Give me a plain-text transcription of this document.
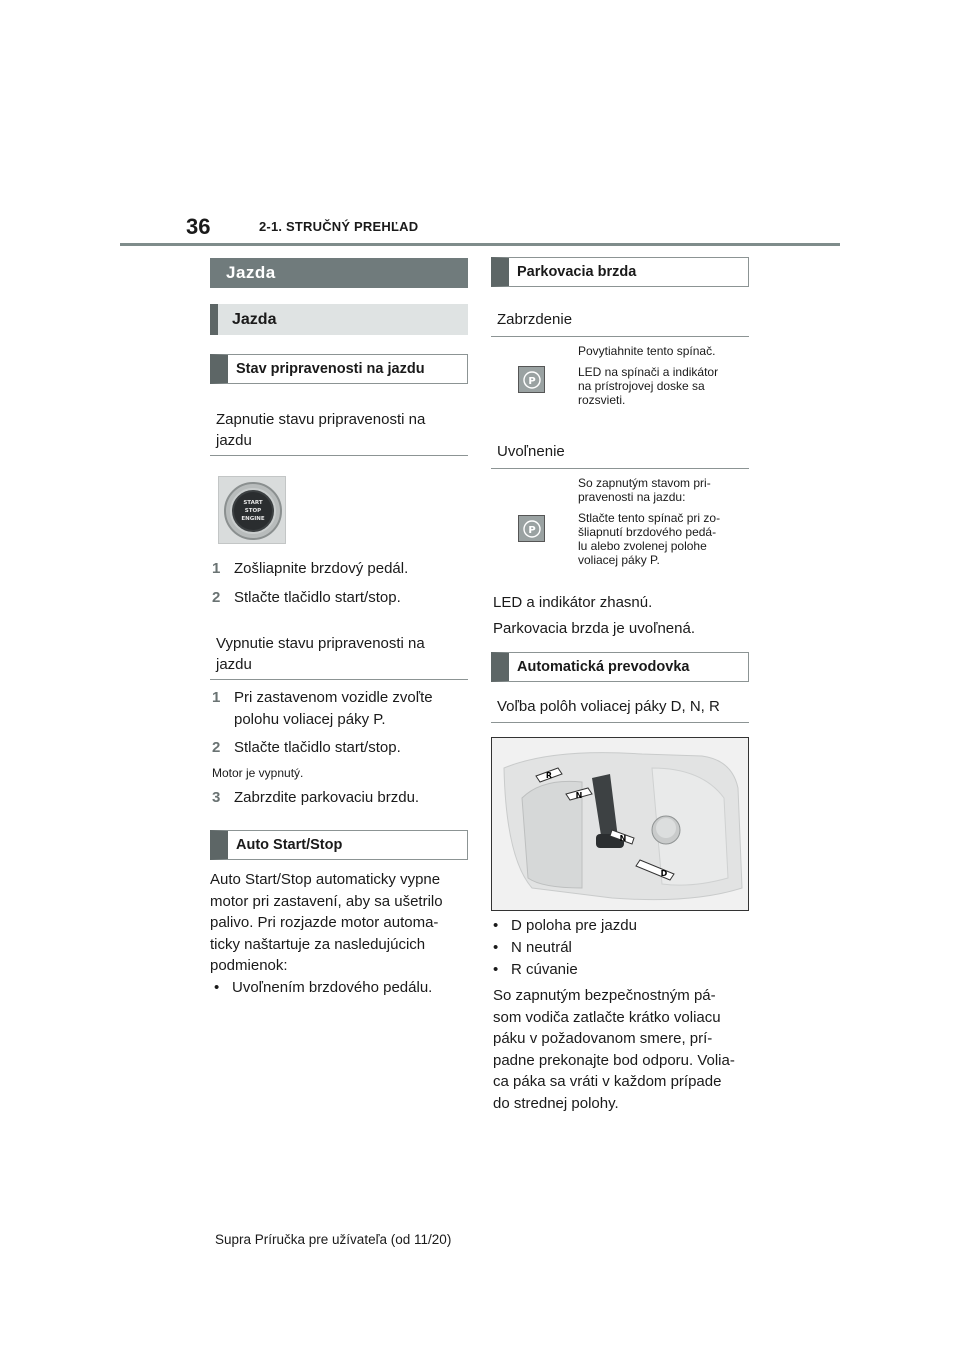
36	2-1. STRUČNÝ PREHĽAD
Jazda
Jazda
Stav pripravenosti na jazdu
Zapnutie stavu pripravenosti na
jazdu
START
STOP
ENGINE
1 Zošliapnite brzdový pedál.
2 Stlačte tlačidlo start/stop.
Vypnutie stavu pripravenosti na
jazdu
1 Pri zastavenom vozidle zvoľte
polohu voliacej páky P.
2 Stlačte tlačidlo start/stop.
Motor je vypnutý.
3 Zabrzdite parkovaciu brzdu.
Auto Start/Stop
Auto Start/Stop automaticky vypne
motor pri zastavení, aby sa ušetrilo
palivo. Pri rozjazde motor automa-
ticky naštartuje za nasledujúcich
podmienok:
• Uvoľnením brzdového pedálu.
Parkovacia brzda
Zabrzdenie
P
Povytiahnite tento spínač.
LED na spínači a indikátor
na prístrojovej doske sa
rozsvieti.
Uvoľnenie
P
So zapnutým stavom pri-
pravenosti na jazdu:
Stlačte tento spínač pri zo-
šliapnutí brzdového pedá-
lu alebo zvolenej polohe
voliacej páky P.
LED a indikátor zhasnú.
Parkovacia brzda je uvoľnená.
Automatická prevodovka
Voľba polôh voliacej páky D, N, R
R
N
N
D
• D poloha pre jazdu
• N neutrál
• R cúvanie
So zapnutým bezpečnostným pá-
som vodiča zatlačte krátko voliacu
páku v požadovanom smere, prí-
padne prekonajte bod odporu. Volia-
ca páka sa vráti v každom prípade
do strednej polohy.
Supra Príručka pre užívateľa (od 11/20)
